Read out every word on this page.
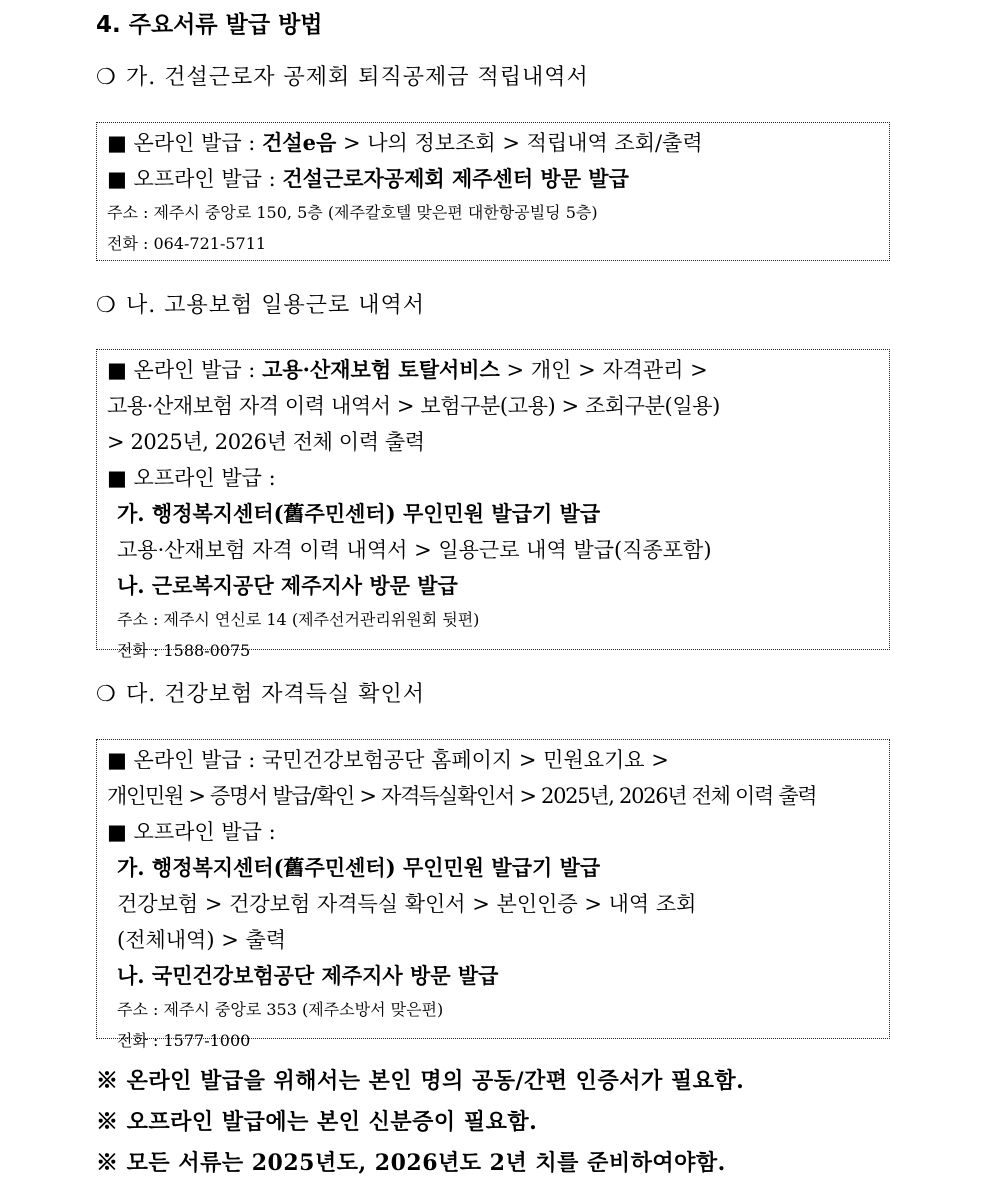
4. 주요서류 발급 방법
❍ 가. 건설근로자 공제회 퇴직공제금 적립내역서
■ 온라인 발급 : 건설e음 > 나의 정보조회 > 적립내역 조회/출력
■ 오프라인 발급 : 건설근로자공제회 제주센터 방문 발급
주소 : 제주시 중앙로 150, 5층 (제주칼호텔 맞은편 대한항공빌딩 5층)
전화 : 064-721-5711
❍ 나. 고용보험 일용근로 내역서
■ 온라인 발급 : 고용·산재보험 토탈서비스 > 개인 > 자격관리 >
고용·산재보험 자격 이력 내역서 > 보험구분(고용) > 조회구분(일용)
> 2025년, 2026년 전체 이력 출력
■ 오프라인 발급 :
가. 행정복지센터(舊주민센터) 무인민원 발급기 발급
고용·산재보험 자격 이력 내역서 > 일용근로 내역 발급(직종포함)
나. 근로복지공단 제주지사 방문 발급
주소 : 제주시 연신로 14 (제주선거관리위원회 뒷편)
전화 : 1588-0075
❍ 다. 건강보험 자격득실 확인서
■ 온라인 발급 : 국민건강보험공단 홈페이지 > 민원요기요 >
개인민원 > 증명서 발급/확인 > 자격득실확인서 > 2025년, 2026년 전체 이력 출력
■ 오프라인 발급 :
가. 행정복지센터(舊주민센터) 무인민원 발급기 발급
건강보험 > 건강보험 자격득실 확인서 > 본인인증 > 내역 조회
(전체내역) > 출력
나. 국민건강보험공단 제주지사 방문 발급
주소 : 제주시 중앙로 353 (제주소방서 맞은편)
전화 : 1577-1000
※ 온라인 발급을 위해서는 본인 명의 공동/간편 인증서가 필요함.
※ 오프라인 발급에는 본인 신분증이 필요함.
※ 모든 서류는 2025년도, 2026년도 2년 치를 준비하여야함.
